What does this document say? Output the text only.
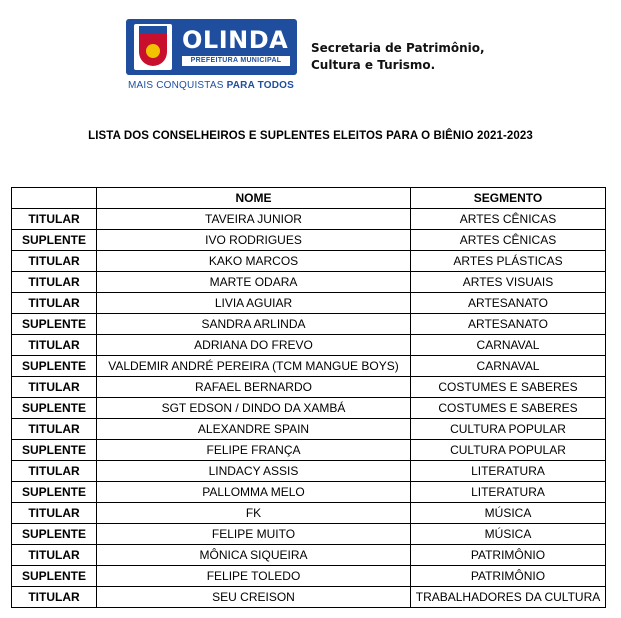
OLINDA
PREFEITURA MUNICIPAL
MAIS CONQUISTAS PARA TODOS
Secretaria de Patrimônio,
Cultura e Turismo.
LISTA DOS CONSELHEIROS E SUPLENTES ELEITOS PARA O BIÊNIO 2021-2023
	NOME	SEGMENTO
TITULAR	TAVEIRA JUNIOR	ARTES CÊNICAS
SUPLENTE	IVO RODRIGUES	ARTES CÊNICAS
TITULAR	KAKO MARCOS	ARTES PLÁSTICAS
TITULAR	MARTE ODARA	ARTES VISUAIS
TITULAR	LIVIA AGUIAR	ARTESANATO
SUPLENTE	SANDRA ARLINDA	ARTESANATO
TITULAR	ADRIANA DO FREVO	CARNAVAL
SUPLENTE	VALDEMIR ANDRÉ PEREIRA (TCM MANGUE BOYS)	CARNAVAL
TITULAR	RAFAEL BERNARDO	COSTUMES E SABERES
SUPLENTE	SGT EDSON / DINDO DA XAMBÁ	COSTUMES E SABERES
TITULAR	ALEXANDRE SPAIN	CULTURA POPULAR
SUPLENTE	FELIPE FRANÇA	CULTURA POPULAR
TITULAR	LINDACY ASSIS	LITERATURA
SUPLENTE	PALLOMMA MELO	LITERATURA
TITULAR	FK	MÚSICA
SUPLENTE	FELIPE MUITO	MÚSICA
TITULAR	MÔNICA SIQUEIRA	PATRIMÔNIO
SUPLENTE	FELIPE TOLEDO	PATRIMÔNIO
TITULAR	SEU CREISON	TRABALHADORES DA CULTURA
